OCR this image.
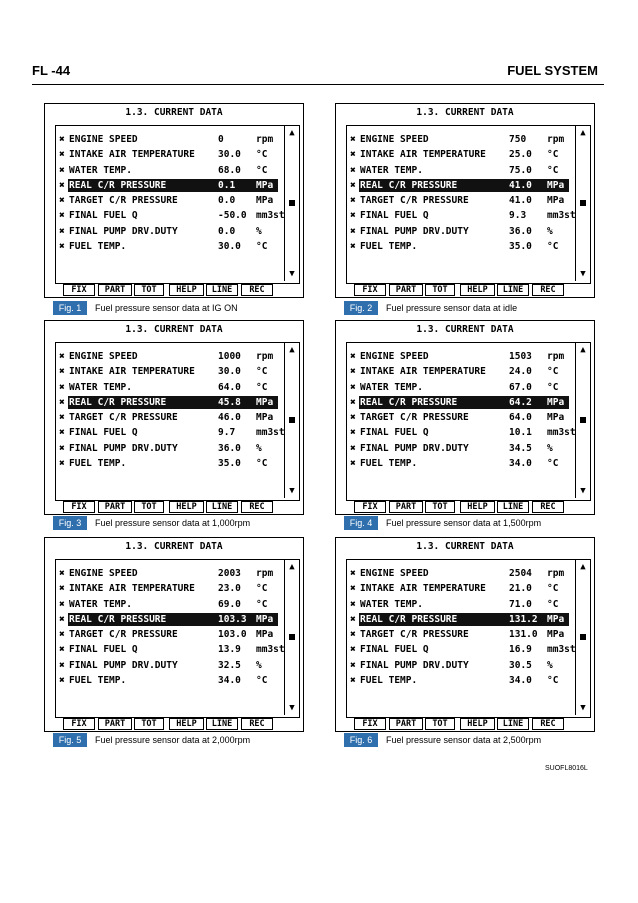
FL -44	FUEL SYSTEM
1.3. CURRENT DATA
✖ ENGINE SPEED	0	rpm
✖ INTAKE AIR TEMPERATURE 30.0 °C
✖ WATER TEMP.	68.0 °C
✖ REAL C/R PRESSURE	0.1 MPa
✖ TARGET C/R PRESSURE	0.0 MPa
✖ FINAL FUEL Q	-50.0 mm3st
✖ FINAL PUMP DRV.DUTY	0.0 %
✖ FUEL TEMP.	30.0 °C
▲
▼
FIX	PART	TOT	HELP	LINE	REC
Fig. 1	Fuel pressure sensor data at IG ON
1.3. CURRENT DATA
✖ ENGINE SPEED	750 rpm
✖ INTAKE AIR TEMPERATURE 25.0 °C
✖ WATER TEMP.	75.0 °C
✖ REAL C/R PRESSURE	41.0 MPa
✖ TARGET C/R PRESSURE	41.0 MPa
✖ FINAL FUEL Q	9.3 mm3st
✖ FINAL PUMP DRV.DUTY	36.0 %
✖ FUEL TEMP.	35.0 °C
▲
▼
FIX	PART	TOT	HELP	LINE	REC
Fig. 2	Fuel pressure sensor data at idle
1.3. CURRENT DATA
✖ ENGINE SPEED	1000 rpm
✖ INTAKE AIR TEMPERATURE 30.0 °C
✖ WATER TEMP.	64.0 °C
✖ REAL C/R PRESSURE	45.8 MPa
✖ TARGET C/R PRESSURE	46.0 MPa
✖ FINAL FUEL Q	9.7 mm3st
✖ FINAL PUMP DRV.DUTY	36.0 %
✖ FUEL TEMP.	35.0 °C
▲
▼
FIX	PART	TOT	HELP	LINE	REC
Fig. 3	Fuel pressure sensor data at 1,000rpm
1.3. CURRENT DATA
✖ ENGINE SPEED	1503 rpm
✖ INTAKE AIR TEMPERATURE 24.0 °C
✖ WATER TEMP.	67.0 °C
✖ REAL C/R PRESSURE	64.2 MPa
✖ TARGET C/R PRESSURE	64.0 MPa
✖ FINAL FUEL Q	10.1 mm3st
✖ FINAL PUMP DRV.DUTY	34.5 %
✖ FUEL TEMP.	34.0 °C
▲
▼
FIX	PART	TOT	HELP	LINE	REC
Fig. 4	Fuel pressure sensor data at 1,500rpm
1.3. CURRENT DATA
✖ ENGINE SPEED	2003 rpm
✖ INTAKE AIR TEMPERATURE 23.0 °C
✖ WATER TEMP.	69.0 °C
✖ REAL C/R PRESSURE	103.3 MPa
✖ TARGET C/R PRESSURE	103.0 MPa
✖ FINAL FUEL Q	13.9 mm3st
✖ FINAL PUMP DRV.DUTY	32.5 %
✖ FUEL TEMP.	34.0 °C
▲
▼
FIX	PART	TOT	HELP	LINE	REC
Fig. 5	Fuel pressure sensor data at 2,000rpm
1.3. CURRENT DATA
✖ ENGINE SPEED	2504 rpm
✖ INTAKE AIR TEMPERATURE 21.0 °C
✖ WATER TEMP.	71.0 °C
✖ REAL C/R PRESSURE	131.2 MPa
✖ TARGET C/R PRESSURE	131.0 MPa
✖ FINAL FUEL Q	16.9 mm3st
✖ FINAL PUMP DRV.DUTY	30.5 %
✖ FUEL TEMP.	34.0 °C
▲
▼
FIX	PART	TOT	HELP	LINE	REC
Fig. 6	Fuel pressure sensor data at 2,500rpm
SUOFL8016L
